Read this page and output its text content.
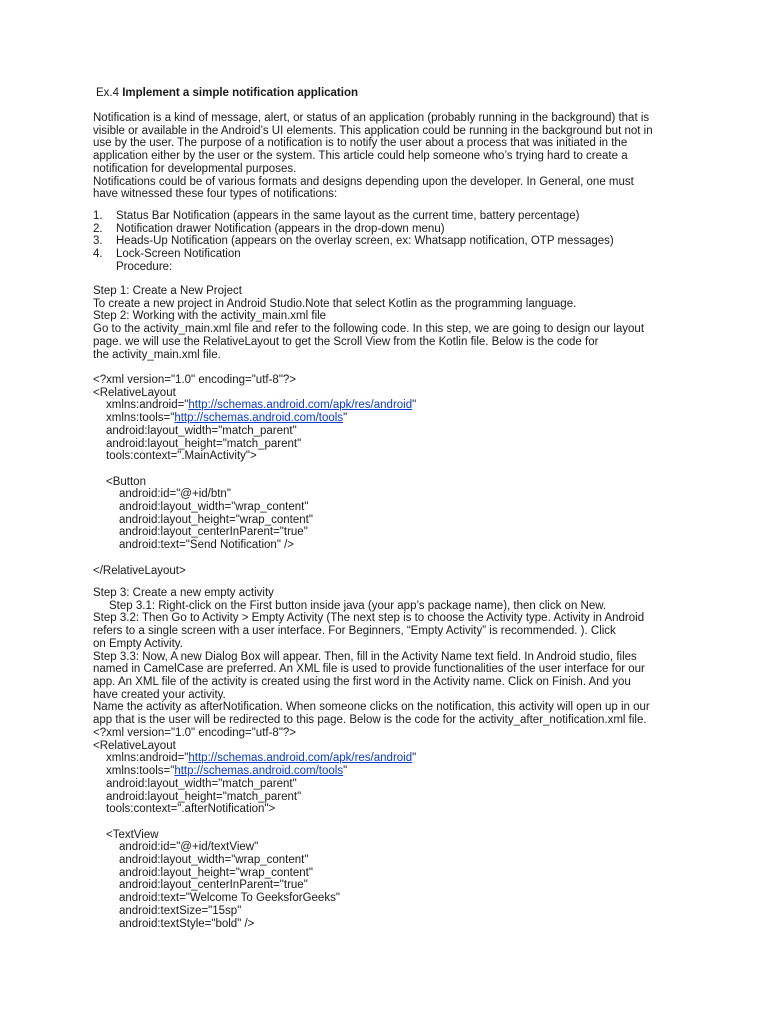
Ex.4 Implement a simple notification application
Notification is a kind of message, alert, or status of an application (probably running in the background) that is
visible or available in the Android’s UI elements. This application could be running in the background but not in
use by the user. The purpose of a notification is to notify the user about a process that was initiated in the
application either by the user or the system. This article could help someone who’s trying hard to create a
notification for developmental purposes.
Notifications could be of various formats and designs depending upon the developer. In General, one must
have witnessed these four types of notifications:
1.	Status Bar Notification (appears in the same layout as the current time, battery percentage)
2.	Notification drawer Notification (appears in the drop-down menu)
3.	Heads-Up Notification (appears on the overlay screen, ex: Whatsapp notification, OTP messages)
4.	Lock-Screen Notification
Procedure:
Step 1: Create a New Project
To create a new project in Android Studio.Note that select Kotlin as the programming language.
Step 2: Working with the activity_main.xml file
Go to the activity_main.xml file and refer to the following code. In this step, we are going to design our layout
page. we will use the RelativeLayout to get the Scroll View from the Kotlin file. Below is the code for
the activity_main.xml file.
<?xml version="1.0" encoding="utf-8"?>
<RelativeLayout
xmlns:android="http://schemas.android.com/apk/res/android"
xmlns:tools="http://schemas.android.com/tools"
android:layout_width="match_parent"
android:layout_height="match_parent"
tools:context=".MainActivity">

<Button
android:id="@+id/btn"
android:layout_width="wrap_content"
android:layout_height="wrap_content"
android:layout_centerInParent="true"
android:text="Send Notification" />

</RelativeLayout>
Step 3: Create a new empty activity
Step 3.1: Right-click on the First button inside java (your app’s package name), then click on New.
Step 3.2: Then Go to Activity > Empty Activity (The next step is to choose the Activity type. Activity in Android
refers to a single screen with a user interface. For Beginners, “Empty Activity” is recommended. ). Click
on Empty Activity.
Step 3.3: Now, A new Dialog Box will appear. Then, fill in the Activity Name text field. In Android studio, files
named in CamelCase are preferred. An XML file is used to provide functionalities of the user interface for our
app. An XML file of the activity is created using the first word in the Activity name. Click on Finish. And you
have created your activity.
Name the activity as afterNotification. When someone clicks on the notification, this activity will open up in our
app that is the user will be redirected to this page. Below is the code for the activity_after_notification.xml file.
<?xml version="1.0" encoding="utf-8"?>
<RelativeLayout
xmlns:android="http://schemas.android.com/apk/res/android"
xmlns:tools="http://schemas.android.com/tools"
android:layout_width="match_parent"
android:layout_height="match_parent"
tools:context=".afterNotification">

<TextView
android:id="@+id/textView"
android:layout_width="wrap_content"
android:layout_height="wrap_content"
android:layout_centerInParent="true"
android:text="Welcome To GeeksforGeeks"
android:textSize="15sp"
android:textStyle="bold" />
